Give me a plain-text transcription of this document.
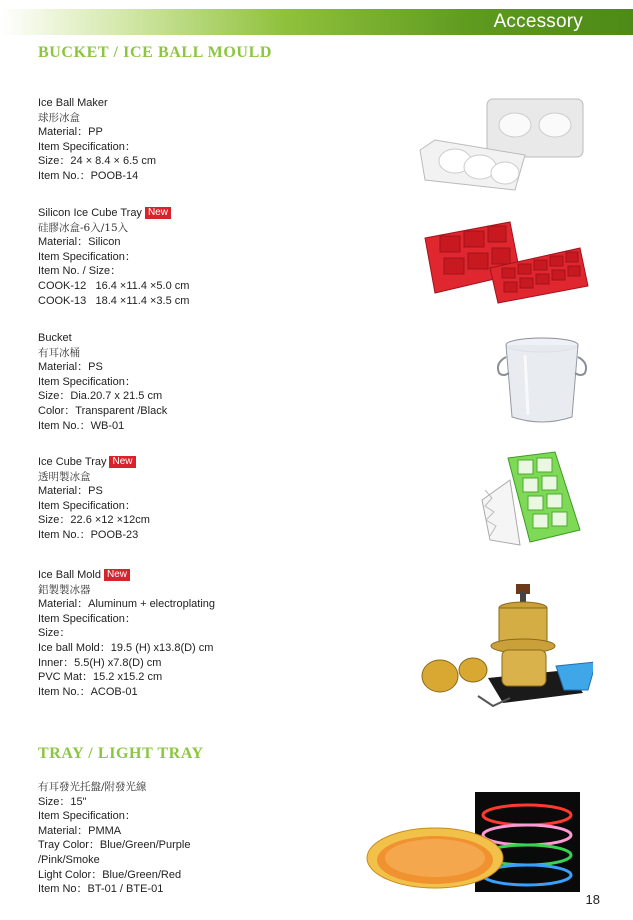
Accessory
BUCKET / ICE BALL MOULD
Ice Ball Maker
球形冰盒
Material：PP
Item Specification：
Size：24 × 8.4 × 6.5 cm
Item No.：POOB-14
Silicon Ice Cube Tray New
硅膠冰盒-6入/15入
Material：Silicon
Item Specification：
Item No. / Size：
COOK-12   16.4 ×11.4 ×5.0 cm
COOK-13   18.4 ×11.4 ×3.5 cm
Bucket
有耳冰桶
Material：PS
Item Specification：
Size：Dia.20.7 x 21.5 cm
Color：Transparent /Black
Item No.：WB-01
Ice Cube Tray New
透明製冰盒
Material：PS
Item Specification：
Size：22.6 ×12 ×12cm
Item No.：POOB-23
Ice Ball Mold New
鋁製製冰器
Material：Aluminum + electroplating
Item Specification：
Size：
Ice ball Mold：19.5 (H) x13.8(D) cm
Inner：5.5(H) x7.8(D) cm
PVC Mat：15.2 x15.2 cm
Item No.：ACOB-01
TRAY / LIGHT TRAY
有耳發光托盤/附發光線
Size：15"
Item Specification：
Material：PMMA
Tray Color：Blue/Green/Purple
/Pink/Smoke
Light Color：Blue/Green/Red
Item No：BT-01 / BTE-01
18
